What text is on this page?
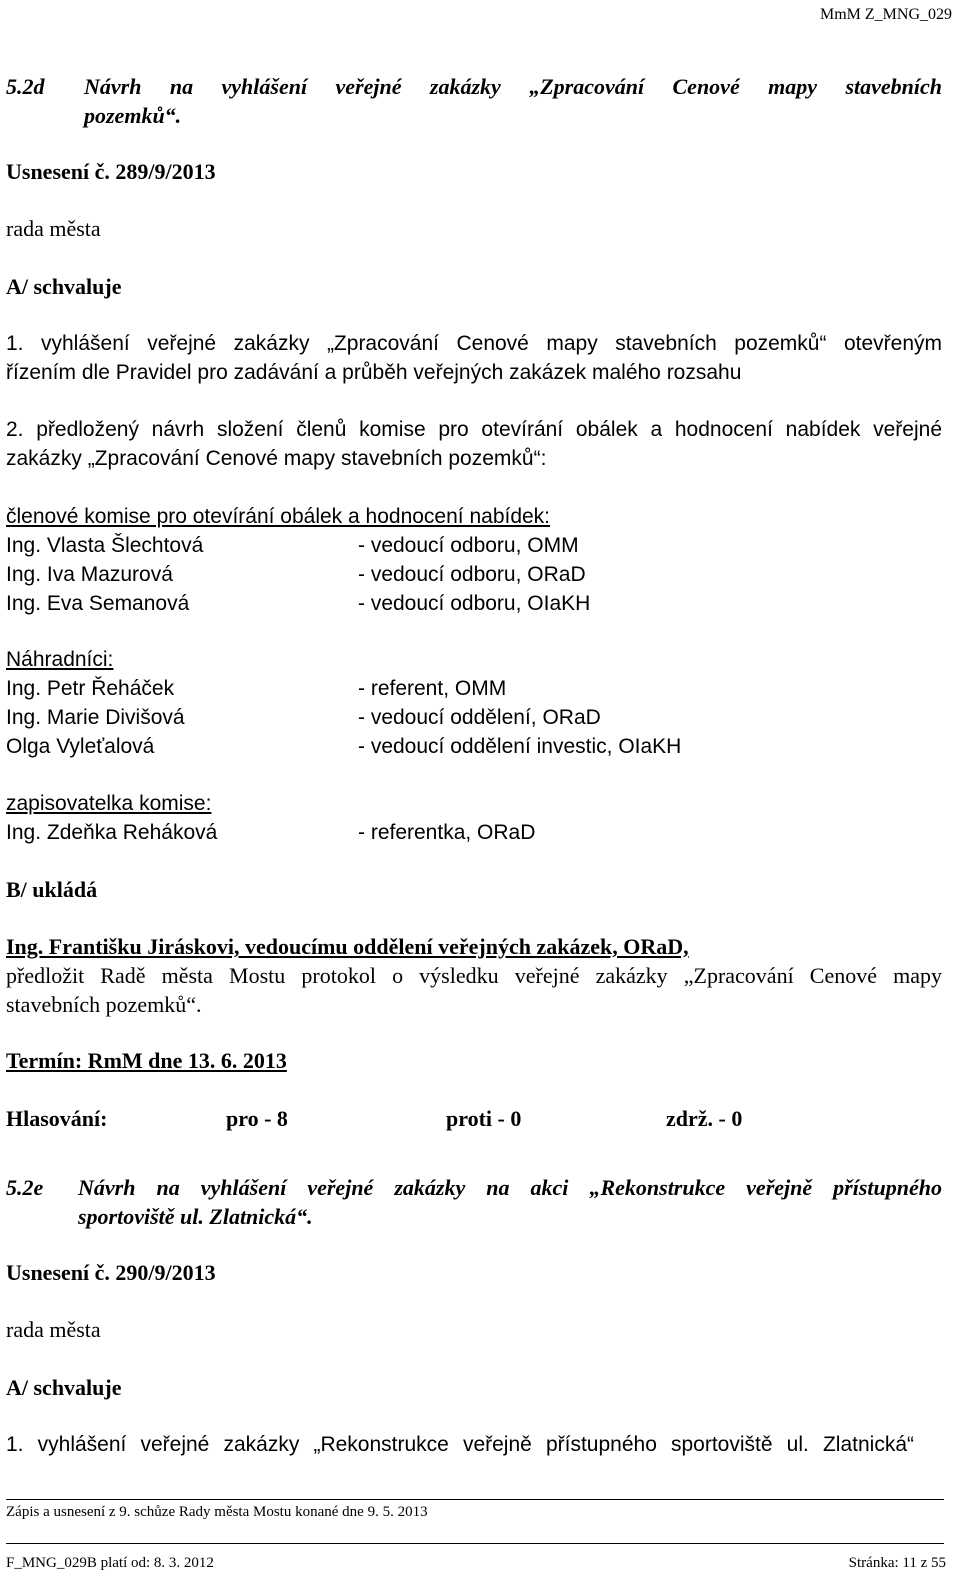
MmM Z_MNG_029
5.2d Návrh na vyhlášení veřejné zakázky „Zpracování Cenové mapy stavebních
pozemků“.
Usnesení č. 289/9/2013
rada města
A/ schvaluje
1. vyhlášení veřejné zakázky „Zpracování Cenové mapy stavebních pozemků“ otevřeným
řízením dle Pravidel pro zadávání a průběh veřejných zakázek malého rozsahu
2. předložený návrh složení členů komise pro otevírání obálek a hodnocení nabídek veřejné
zakázky „Zpracování Cenové mapy stavebních pozemků“:
členové komise pro otevírání obálek a hodnocení nabídek:
Ing. Vlasta Šlechtová	- vedoucí odboru, OMM
Ing. Iva Mazurová	- vedoucí odboru, ORaD
Ing. Eva Semanová	- vedoucí odboru, OIaKH
Náhradníci:
Ing. Petr Řeháček	- referent, OMM
Ing. Marie Divišová	- vedoucí oddělení, ORaD
Olga Vyleťalová	- vedoucí oddělení investic, OIaKH
zapisovatelka komise:
Ing. Zdeňka Reháková	- referentka, ORaD
B/ ukládá
Ing. Františku Jiráskovi, vedoucímu oddělení veřejných zakázek, ORaD,
předložit Radě města Mostu protokol o výsledku veřejné zakázky „Zpracování Cenové mapy
stavebních pozemků“.
Termín: RmM dne 13. 6. 2013
Hlasování:	pro - 8	proti - 0	zdrž. - 0
5.2e Návrh na vyhlášení veřejné zakázky na akci „Rekonstrukce veřejně přístupného
sportoviště ul. Zlatnická“.
Usnesení č. 290/9/2013
rada města
A/ schvaluje
1. vyhlášení veřejné zakázky „Rekonstrukce veřejně přístupného sportoviště ul. Zlatnická“
Zápis a usnesení z 9. schůze Rady města Mostu konané dne 9. 5. 2013
F_MNG_029B platí od: 8. 3. 2012	Stránka: 11 z 55
